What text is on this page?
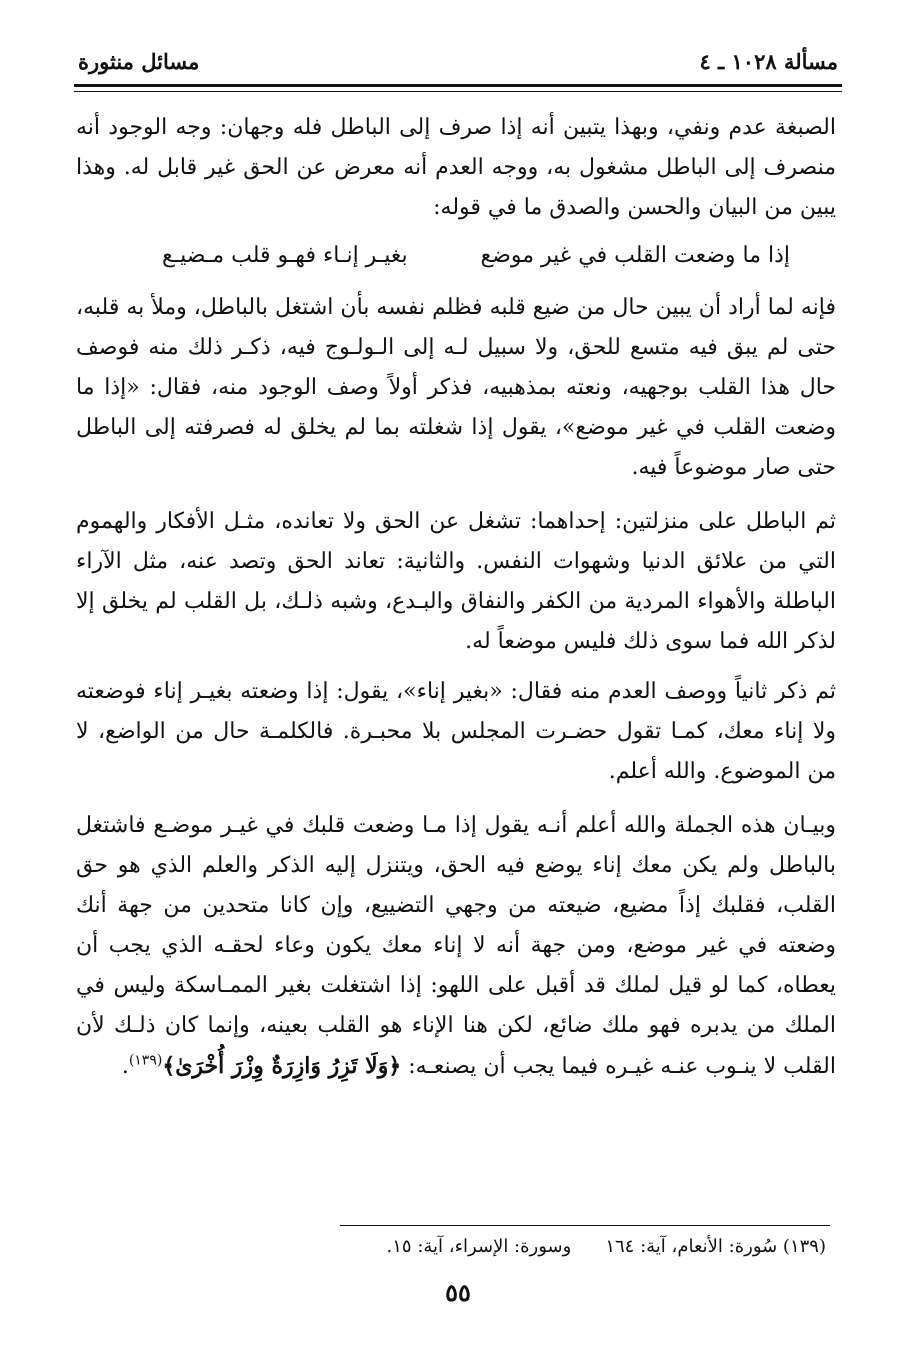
مسألة ١٠٢٨ ـ ٤
مسائل منثورة

الصبغة عدم ونفي، وبهذا يتبين أنه إذا صرف إلى الباطل فله وجهان: وجه الوجود أنه منصرف إلى الباطل مشغول به، ووجه العدم أنه معرض عن الحق غير قابل له. وهذا يبين من البيان والحسن والصدق ما في قوله:

إذا ما وضعت القلب في غير موضع
بغيـر إنـاء فهـو قلب مـضيـع

فإنه لما أراد أن يبين حال من ضيع قلبه فظلم نفسه بأن اشتغل بالباطل، وملأ به قلبه، حتى لم يبق فيه متسع للحق، ولا سبيل لـه إلى الـولـوج فيه، ذكـر ذلك منه فوصف حال هذا القلب بوجهيه، ونعته بمذهبيه، فذكر أولاً وصف الوجود منه، فقال: «إذا ما وضعت القلب في غير موضع»، يقول إذا شغلته بما لم يخلق له فصرفته إلى الباطل حتى صار موضوعاً فيه.

ثم الباطل على منزلتين: إحداهما: تشغل عن الحق ولا تعانده، مثـل الأفكار والهموم التي من علائق الدنيا وشهوات النفس. والثانية: تعاند الحق وتصد عنه، مثل الآراء الباطلة والأهواء المردية من الكفر والنفاق والبـدع، وشبه ذلـك، بل القلب لم يخلق إلا لذكر الله فما سوى ذلك فليس موضعاً له.

ثم ذكر ثانياً ووصف العدم منه فقال: «بغير إناء»، يقول: إذا وضعته بغيـر إناء فوضعته ولا إناء معك، كمـا تقول حضـرت المجلس بلا محبـرة. فالكلمـة حال من الواضع، لا من الموضوع. والله أعلم.

وبيـان هذه الجملة والله أعلم أنـه يقول إذا مـا وضعت قلبك في غيـر موضـع فاشتغل بالباطل ولم يكن معك إناء يوضع فيه الحق، ويتنزل إليه الذكر والعلم الذي هو حق القلب، فقلبك إذاً مضيع، ضيعته من وجهي التضييع، وإن كانا متحدين من جهة أنك وضعته في غير موضع، ومن جهة أنه لا إناء معك يكون وعاء لحقـه الذي يجب أن يعطاه، كما لو قيل لملك قد أقبل على اللهو: إذا اشتغلت بغير الممـاسكة وليس في الملك من يدبره فهو ملك ضائع، لكن هنا الإناء هو القلب بعينه، وإنما كان ذلـك لأن القلب لا ينـوب عنـه غيـره فيما يجب أن يصنعـه: ﴿وَلَا تَزِرُ وَازِرَةٌ وِزْرَ أُخْرَىٰ﴾$^{(١٣٩)}$.

(١٣٩) سُورة: الأنعام، آية: ١٦٤
وسورة: الإسراء، آية: ١٥.
٥٥
